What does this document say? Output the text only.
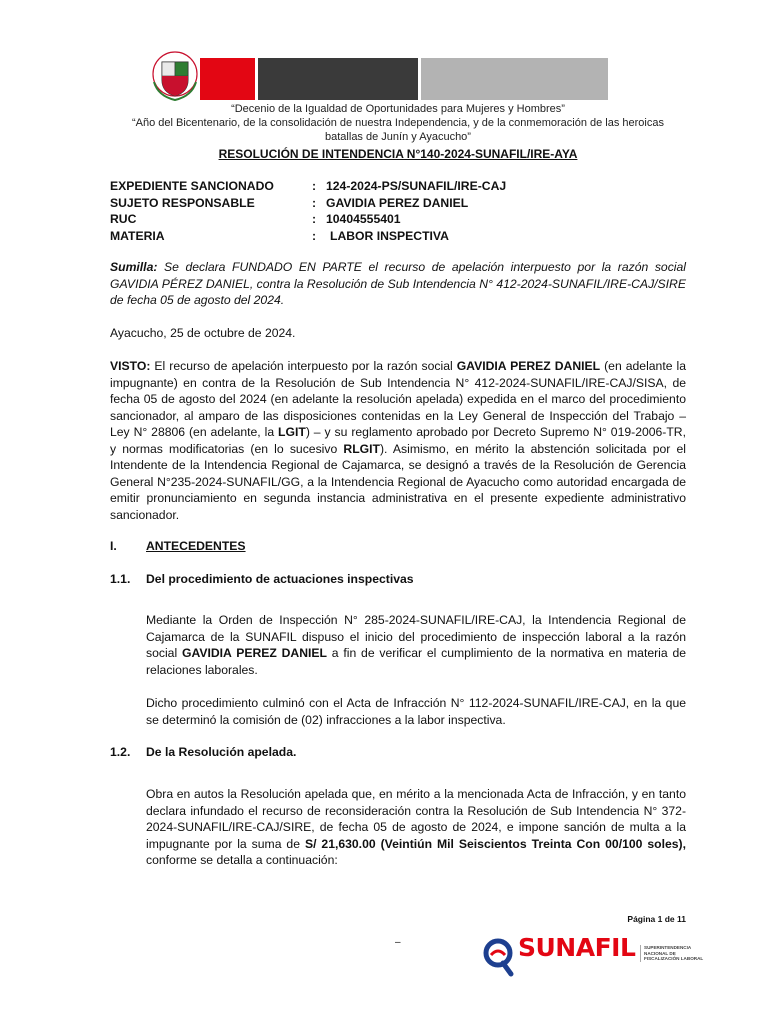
“Decenio de la Igualdad de Oportunidades para Mujeres y Hombres”
“Año del Bicentenario, de la consolidación de nuestra Independencia, y de la conmemoración de las heroicas
batallas de Junín y Ayacucho”
RESOLUCIÓN DE INTENDENCIA N°140-2024-SUNAFIL/IRE-AYA
EXPEDIENTE SANCIONADO	: 124-2024-PS/SUNAFIL/IRE-CAJ
SUJETO RESPONSABLE	: GAVIDIA PEREZ DANIEL
RUC	: 10404555401
MATERIA	: LABOR INSPECTIVA
Sumilla: Se declara FUNDADO EN PARTE el recurso de apelación interpuesto por la razón social GAVIDIA PÉREZ DANIEL, contra la Resolución de Sub Intendencia N° 412-2024-SUNAFIL/IRE-CAJ/SIRE de fecha 05 de agosto del 2024.
Ayacucho, 25 de octubre de 2024.
VISTO: El recurso de apelación interpuesto por la razón social GAVIDIA PEREZ DANIEL (en adelante la impugnante) en contra de la Resolución de Sub Intendencia N° 412-2024-SUNAFIL/IRE-CAJ/SISA, de fecha 05 de agosto del 2024 (en adelante la resolución apelada) expedida en el marco del procedimiento sancionador, al amparo de las disposiciones contenidas en la Ley General de Inspección del Trabajo – Ley N° 28806 (en adelante, la LGIT) – y su reglamento aprobado por Decreto Supremo N° 019-2006-TR, y normas modificatorias (en lo sucesivo RLGIT). Asimismo, en mérito la abstención solicitada por el Intendente de la Intendencia Regional de Cajamarca, se designó a través de la Resolución de Gerencia General N°235-2024-SUNAFIL/GG, a la Intendencia Regional de Ayacucho como autoridad encargada de emitir pronunciamiento en segunda instancia administrativa en el presente expediente administrativo sancionador.
I. ANTECEDENTES
1.1. Del procedimiento de actuaciones inspectivas
Mediante la Orden de Inspección N° 285-2024-SUNAFIL/IRE-CAJ, la Intendencia Regional de Cajamarca de la SUNAFIL dispuso el inicio del procedimiento de inspección laboral a la razón social GAVIDIA PEREZ DANIEL a fin de verificar el cumplimiento de la normativa en materia de relaciones laborales.
Dicho procedimiento culminó con el Acta de Infracción N° 112-2024-SUNAFIL/IRE-CAJ, en la que se determinó la comisión de (02) infracciones a la labor inspectiva.
1.2. De la Resolución apelada.
Obra en autos la Resolución apelada que, en mérito a la mencionada Acta de Infracción, y en tanto declara infundado el recurso de reconsideración contra la Resolución de Sub Intendencia N° 372-2024-SUNAFIL/IRE-CAJ/SIRE, de fecha 05 de agosto de 2024, e impone sanción de multa a la impugnante por la suma de S/ 21,630.00 (Veintiún Mil Seiscientos Treinta Con 00/100 soles), conforme se detalla a continuación:
Página 1 de 11
–	SUNAFIL	SUPERINTENDENCIA NACIONAL DE FISCALIZACIÓN LABORAL
